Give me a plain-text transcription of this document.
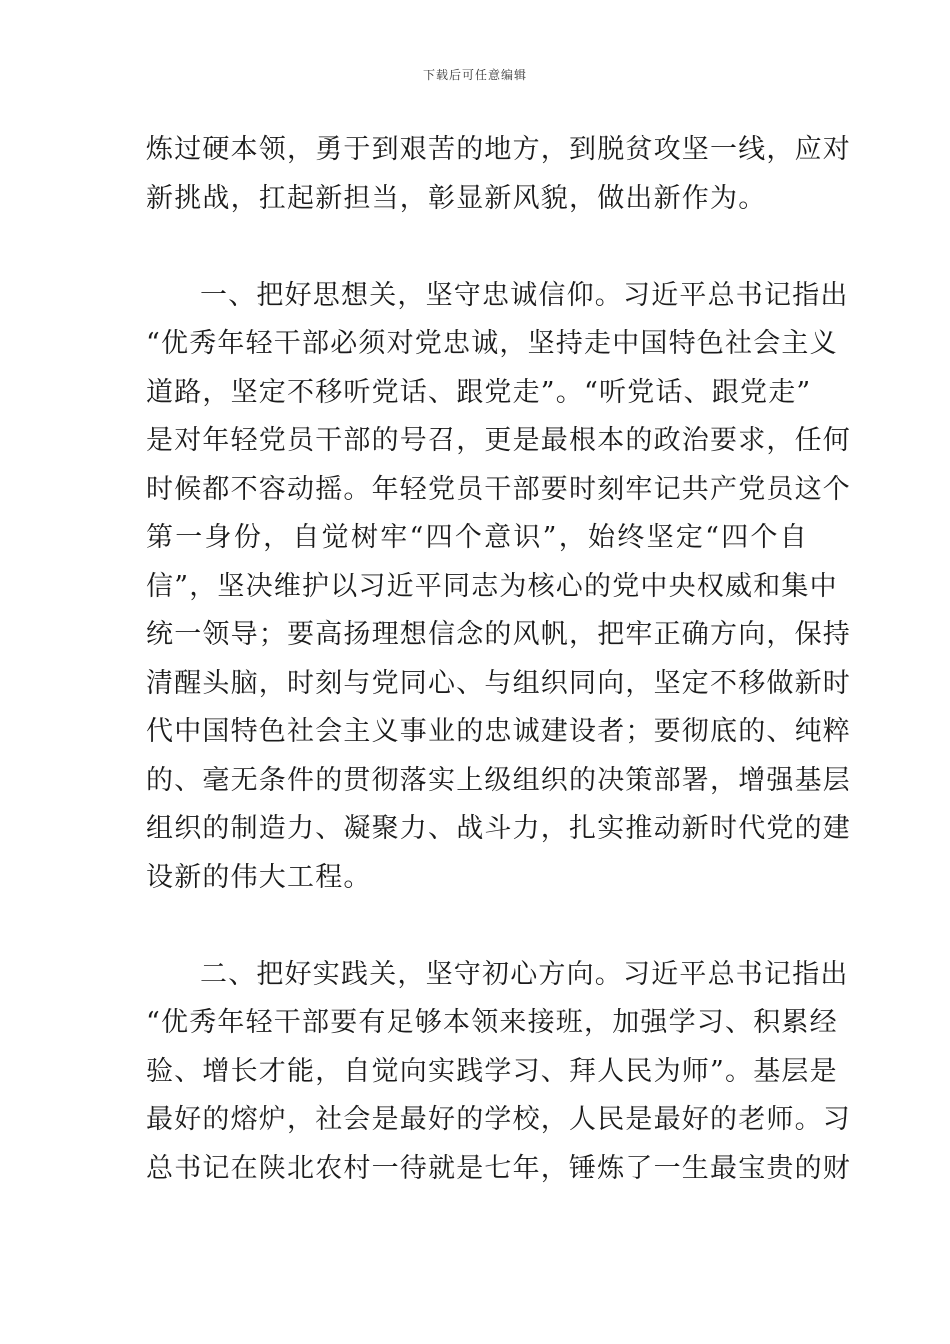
下载后可任意编辑
炼过硬本领，勇于到艰苦的地方，到脱贫攻坚一线，应对
新挑战，扛起新担当，彰显新风貌，做出新作为。
一、把好思想关，坚守忠诚信仰。习近平总书记指出
“优秀年轻干部必须对党忠诚，坚持走中国特色社会主义
道路，坚定不移听党话、跟党走”。“听党话、跟党走”
是对年轻党员干部的号召，更是最根本的政治要求，任何
时候都不容动摇。年轻党员干部要时刻牢记共产党员这个
第一身份，自觉树牢“四个意识”，始终坚定“四个自
信”，坚决维护以习近平同志为核心的党中央权威和集中
统一领导；要高扬理想信念的风帆，把牢正确方向，保持
清醒头脑，时刻与党同心、与组织同向，坚定不移做新时
代中国特色社会主义事业的忠诚建设者；要彻底的、纯粹
的、毫无条件的贯彻落实上级组织的决策部署，增强基层
组织的制造力、凝聚力、战斗力，扎实推动新时代党的建
设新的伟大工程。
二、把好实践关，坚守初心方向。习近平总书记指出
“优秀年轻干部要有足够本领来接班，加强学习、积累经
验、增长才能，自觉向实践学习、拜人民为师”。基层是
最好的熔炉，社会是最好的学校，人民是最好的老师。习
总书记在陕北农村一待就是七年，锤炼了一生最宝贵的财
